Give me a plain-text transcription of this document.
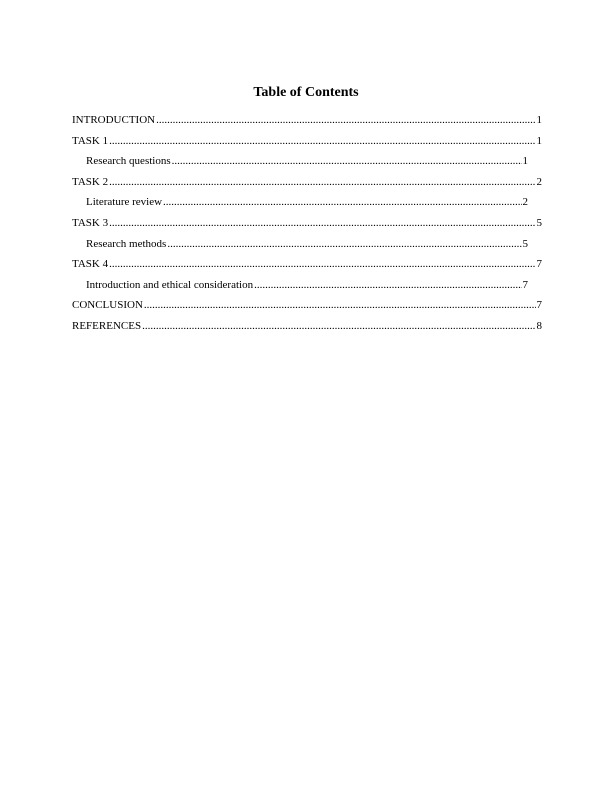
Table of Contents
INTRODUCTION .....	1
TASK 1 .....	1
Research questions .....	1
TASK 2 .....	2
Literature review .....	2
TASK 3 .....	5
Research methods .....	5
TASK 4 .....	7
Introduction and ethical consideration .....	7
CONCLUSION .....	7
REFERENCES .....	8
